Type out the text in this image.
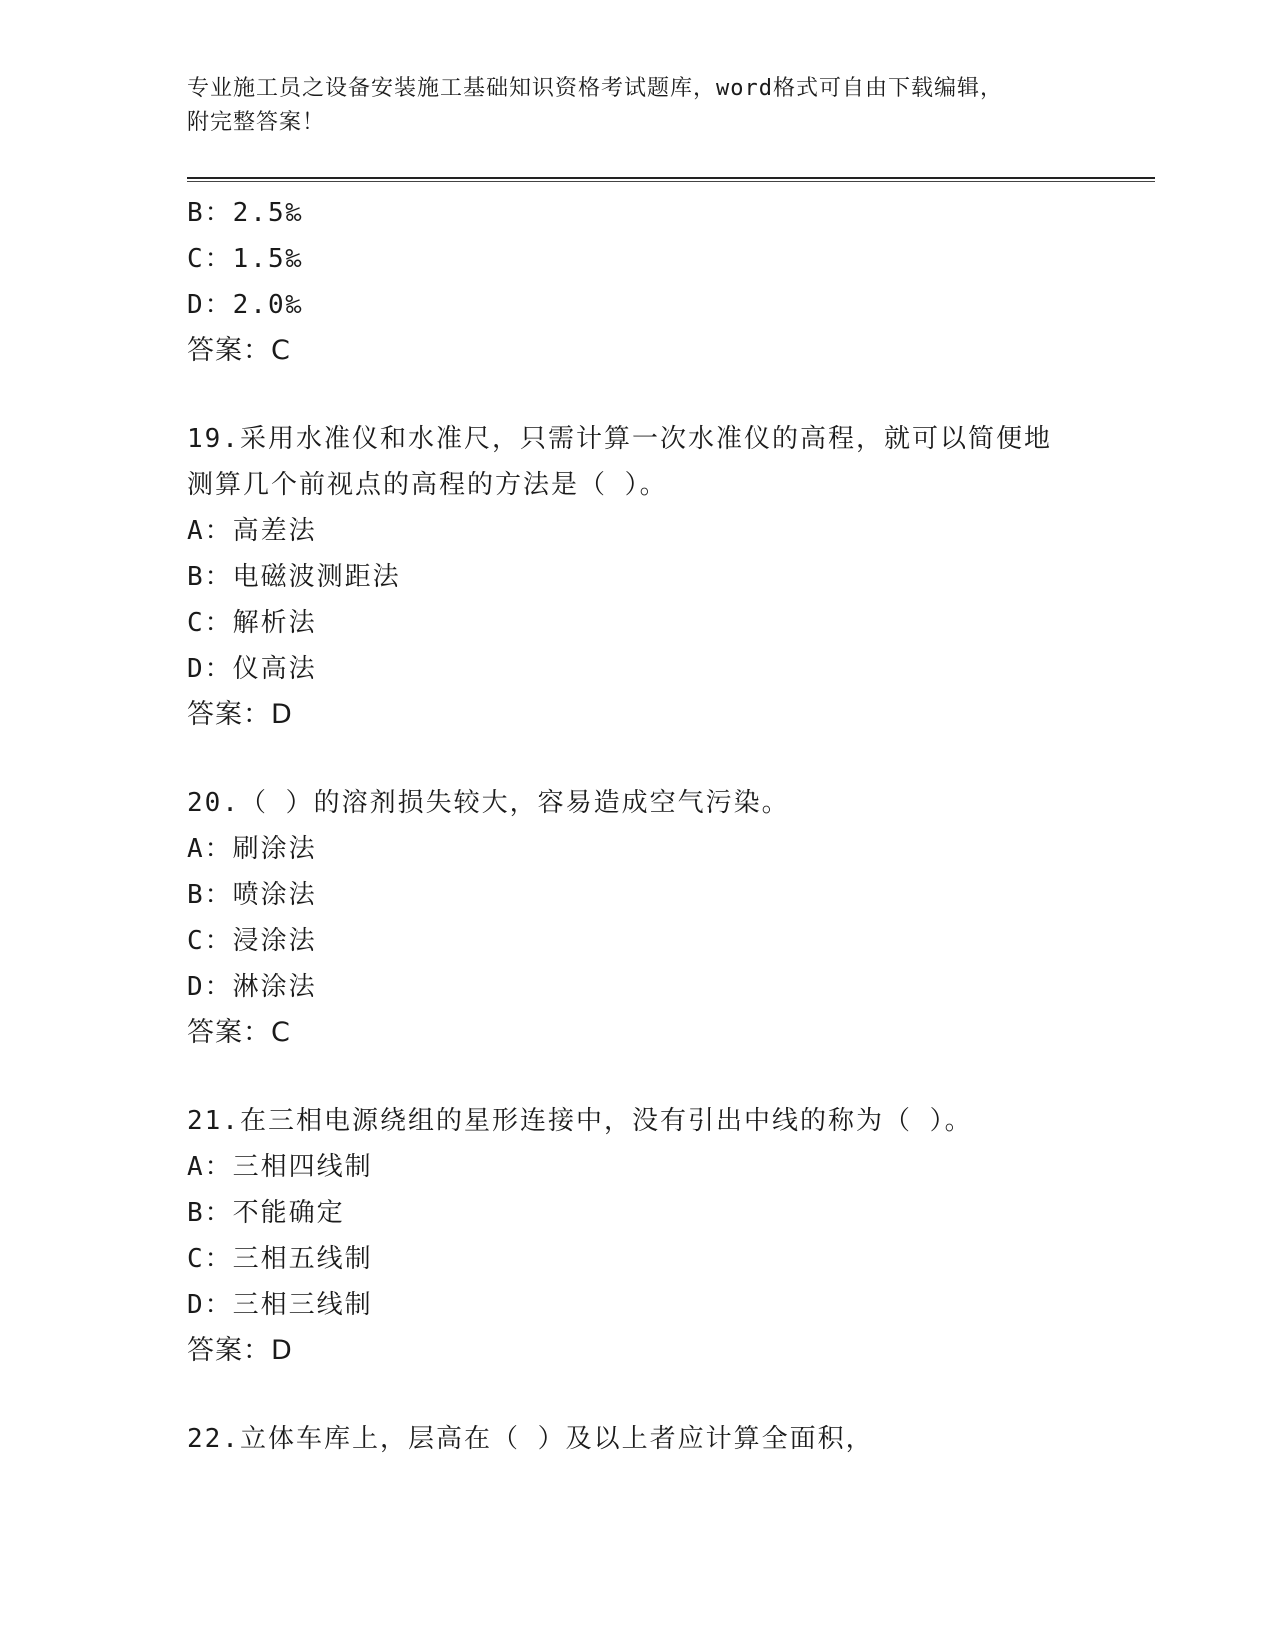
专业施工员之设备安装施工基础知识资格考试题库，word格式可自由下载编辑，
附完整答案！
B：2.5‰
C：1.5‰
D：2.0‰
答案：C
19.采用水准仪和水准尺，只需计算一次水准仪的高程，就可以简便地
测算几个前视点的高程的方法是（ ）。
A：高差法
B：电磁波测距法
C：解析法
D：仪高法
答案：D
20.（ ）的溶剂损失较大，容易造成空气污染。
A：刷涂法
B：喷涂法
C：浸涂法
D：淋涂法
答案：C
21.在三相电源绕组的星形连接中，没有引出中线的称为（ ）。
A：三相四线制
B：不能确定
C：三相五线制
D：三相三线制
答案：D
22.立体车库上，层高在（ ）及以上者应计算全面积，
